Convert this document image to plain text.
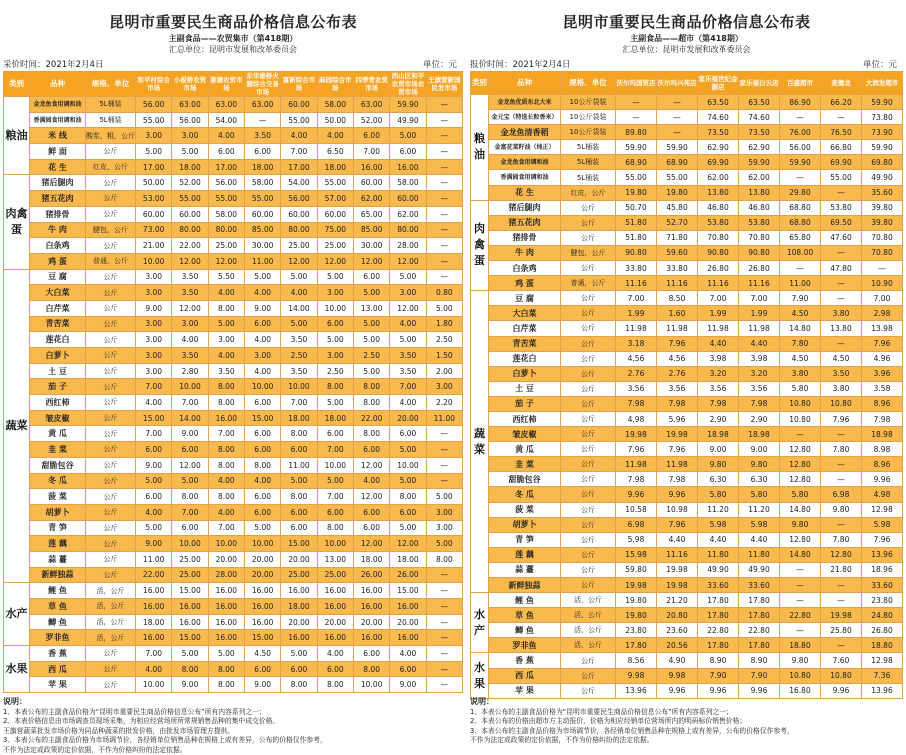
昆明市重要民生商品价格信息公布表
主副食品——农贸集市（第418期）
汇总单位：昆明市发展和改革委员会
采价时间：2021年2月4日	单位：元
类别	品种	规格、单位	和平村综合市场	小板桥农贸市场	篆塘农贸市场	东华雄桥火腿综合交易市场	富新综合市场	麻园综合市场	四季青农贸市场	西山区和平农贸市场农贸市场	王旗营新国民发市场
粮油	金龙鱼食用调和油	5L桶装	56.00	63.00	63.00	63.00	60.00	58.00	63.00	59.90	—
	香满园食用调和油	5L桶装	55.00	56.00	54.00	—	55.00	50.00	52.00	49.90	—
	米 线	酸浆，粗，公斤	3.00	3.00	4.00	3.50	4.00	4.00	6.00	5.00	—
	鲜 面	公斤	5.00	5.00	6.00	6.00	7.00	6.50	7.00	6.00	—
	花 生	红皮，公斤	17.00	18.00	17.00	18.00	17.00	18.00	16.00	16.00	—
肉禽蛋	猪后腿肉	公斤	50.00	52.00	56.00	58.00	54.00	55.00	60.00	58.00	—
	猪五花肉	公斤	53.00	55.00	55.00	55.00	56.00	57.00	62.00	60.00	—
	猪排骨	公斤	60.00	60.00	58.00	60.00	60.00	60.00	65.00	62.00	—
	牛 肉	腱包，公斤	73.00	80.00	80.00	85.00	80.00	75.00	85.00	80.00	—
	白条鸡	公斤	21.00	22.00	25.00	30.00	25.00	25.00	30.00	28.00	—
	鸡 蛋	普通，公斤	10.00	12.00	12.00	11.00	12.00	12.00	12.00	12.00	—
蔬菜	豆 腐	公斤	3.00	3.50	5.50	5.00	5.00	5.00	6.00	5.00	—
	大白菜	公斤	3.00	3.50	4.00	4.00	4.00	3.00	5.00	3.00	0.80
	白芹菜	公斤	9.00	12.00	8.00	9.00	14.00	10.00	13.00	12.00	5.00
	青苦菜	公斤	3.00	3.00	5.00	6.00	5.00	6.00	5.00	4.00	1.80
	莲花白	公斤	3.00	4.00	3.00	4.00	3.50	5.00	5.00	5.00	2.50
	白萝卜	公斤	3.00	3.50	4.00	3.00	2.50	3.00	2.50	3.50	1.50
	土 豆	公斤	3.00	2.80	3.50	4.00	3.50	2.50	5.00	3.50	2.00
	茄 子	公斤	7.00	10.00	8.00	10.00	10.00	8.00	8.00	7.00	3.00
	西红柿	公斤	4.00	7.00	8.00	6.00	7.00	5.00	8.00	4.00	2.20
	皱皮椒	公斤	15.00	14.00	16.00	15.00	18.00	18.00	22.00	20.00	11.00
	黄 瓜	公斤	7.00	9.00	7.00	6.00	8.00	6.00	8.00	6.00	—
	韭 菜	公斤	6.00	6.00	8.00	6.00	6.00	7.00	6.00	5.00	—
	甜脆包谷	公斤	9.00	12.00	8.00	8.00	11.00	10.00	12.00	10.00	—
	冬 瓜	公斤	5.00	5.00	4.00	4.00	5.00	5.00	4.00	5.00	—
	菠 菜	公斤	6.00	8.00	8.00	6.00	8.00	7.00	12.00	8.00	5.00
	胡萝卜	公斤	4.00	7.00	4.00	6.00	6.00	6.00	6.00	6.00	3.00
	青 笋	公斤	5.00	6.00	7.00	5.00	6.00	8.00	6.00	5.00	3.00
	莲 藕	公斤	9.00	10.00	10.00	10.00	15.00	10.00	12.00	12.00	5.00
	蒜 薹	公斤	11.00	25.00	20.00	20.00	20.00	13.00	18.00	18.00	8.00
	新鲜独蒜	公斤	22.00	25.00	28.00	20.00	25.00	25.00	26.00	26.00	—
水产	鲤 鱼	活，公斤	16.00	15.00	16.00	16.00	16.00	16.00	16.00	15.00	—
	草 鱼	活，公斤	16.00	16.00	16.00	16.00	18.00	16.00	16.00	16.00	—
	鲫 鱼	活，公斤	18.00	16.00	16.00	16.00	20.00	20.00	20.00	20.00	—
	罗非鱼	活，公斤	16.00	15.00	16.00	15.00	16.00	16.00	16.00	16.00	—
水果	香 蕉	公斤	7.00	5.00	5.00	4.50	5.00	4.00	6.00	4.00	—
	西 瓜	公斤	4.00	8.00	8.00	6.00	6.00	6.00	8.00	6.00	—
	苹 果	公斤	10.00	9.00	8.00	9.00	8.00	8.00	10.00	9.00	—
昆明市重要民生商品价格信息公布表
主副食品——超市（第418期）
汇总单位：昆明市发展和改革委员会
报价时间：2021年2月4日	单位：元
类别	品种	规格、单位	沃尔玛国贸店	沃尔玛兴苑店	家乐福世纪金源店	家乐福白云店	百盛超市	麦德龙	大润发超市
粮油	金龙鱼优质东北大米	10公斤袋装	—	—	63.50	63.50	86.90	66.20	59.90
	金元宝（特选长粒香米）	10公斤袋装	—	—	74.60	74.60	—	—	73.80
	金龙鱼清香稻	10公斤袋装	89.80	—	73.50	73.50	76.00	76.50	73.90
	金富花菜籽油（纯正）	5L桶装	59.90	59.90	62.90	62.90	56.00	66.80	59.90
	金龙鱼食用调和油	5L桶装	68.90	68.90	69.90	59.90	59.90	69.90	69.80
	香满园食用调和油	5L桶装	55.00	55.00	62.00	62.00	—	55.00	49.90
	花 生	红皮，公斤	19.80	19.80	13.80	13.80	29.80	—	35.60
肉禽蛋	猪后腿肉	公斤	50.70	45.80	46.80	46.80	68.80	53.80	39.80
	猪五花肉	公斤	51.80	52.70	53.80	53.80	68.80	69.50	39.80
	猪排骨	公斤	51.80	71.80	70.80	70.80	65.80	47.60	70.80
	牛 肉	腱包，公斤	90.80	59.60	90.80	90.80	108.00	—	70.80
	白条鸡	公斤	33.80	33.80	26.80	26.80	—	47.80	—
	鸡 蛋	普通，公斤	11.16	11.16	11.16	11.16	11.00	—	10.90
蔬菜	豆 腐	公斤	7.00	8.50	7.00	7.00	7.90	—	7.00
	大白菜	公斤	1.99	1.60	1.99	1.99	4.50	3.80	2.98
	白芹菜	公斤	11.98	11.98	11.98	11.98	14.80	13.80	13.98
	青苦菜	公斤	3.18	7.96	4.40	4.40	7.80	—	7.96
	莲花白	公斤	4.56	4.56	3.98	3.98	4.50	4.50	4.96
	白萝卜	公斤	2.76	2.76	3.20	3.20	3.80	3.50	3.96
	土 豆	公斤	3.56	3.56	3.56	3.56	5.80	3.80	3.58
	茄 子	公斤	7.98	7.98	7.98	7.98	10.80	10.80	8.96
	西红柿	公斤	4.98	5.96	2.90	2.90	10.80	7.96	7.98
	皱皮椒	公斤	19.98	19.98	18.98	18.98	—	—	18.98
	黄 瓜	公斤	7.96	7.96	9.00	9.00	12.80	7.80	8.98
	韭 菜	公斤	11.98	11.98	9.80	9.80	12.80	—	8.96
	甜脆包谷	公斤	7.98	7.98	6.30	6.30	12.80	—	9.96
	冬 瓜	公斤	9.96	9.96	5.80	5.80	5.80	6.98	4.98
	菠 菜	公斤	10.58	10.98	11.20	11.20	14.80	9.80	12.98
	胡萝卜	公斤	6.98	7.96	5.98	5.98	9.80	—	5.98
	青 笋	公斤	5.98	4.40	4.40	4.40	12.80	7.80	7.96
	莲 藕	公斤	15.98	11.16	11.80	11.80	14.80	12.80	13.96
	蒜 薹	公斤	59.80	19.98	49.90	49.90	—	21.80	18.96
	新鲜独蒜	公斤	19.98	19.98	33.60	33.60	—	—	33.60
水产	鲤 鱼	活，公斤	19.80	21.20	17.80	17.80	—	—	23.80
	草 鱼	活，公斤	19.80	20.80	17.80	17.80	22.80	19.98	24.80
	鲫 鱼	活，公斤	23.80	23.60	22.80	22.80	—	25.80	26.80
	罗非鱼	活，公斤	17.80	20.56	17.80	17.80	18.80	—	18.80
水果	香 蕉	公斤	8.56	4.90	8.90	8.90	9.80	7.60	12.98
	西 瓜	公斤	9.98	9.98	7.90	7.90	10.80	10.80	7.36
	苹 果	公斤	13.96	9.96	9.96	9.96	16.80	9.96	13.96
说明：
1、本表公布的主副食品价格为“昆明市重要民生商品价格信息公布”所有内容系列之一；
2、本表价格信息由市场调查员现场采集，为相应经营场所所常规销售品种的集中成交价格。
王旗营蔬菜批发市场价格为同品种蔬菜的批发价格，由批发市场管理方提供。
3、本表公布的主副食品价格为市场调节价，各经销单位销售品种在规格上或有差异，公布的价格仅作参考，
不作为法定或政策的定价依据，不作为价格纠纷的法定依据。
说明：
1、本表公布的主副食品价格为“昆明市重要民生商品价格信息公布”所有内容系列之一；
2、本表公布的价格由超市方主动报价，价格为相应经销单位营场所内的明码标价销售价格；
3、本表公布的主副食品价格为市场调节价，各经销单位销售品种在规格上或有差异，公布的价格仅作参考，
不作为法定或政策的定价依据，不作为价格纠纷的法定依据。
